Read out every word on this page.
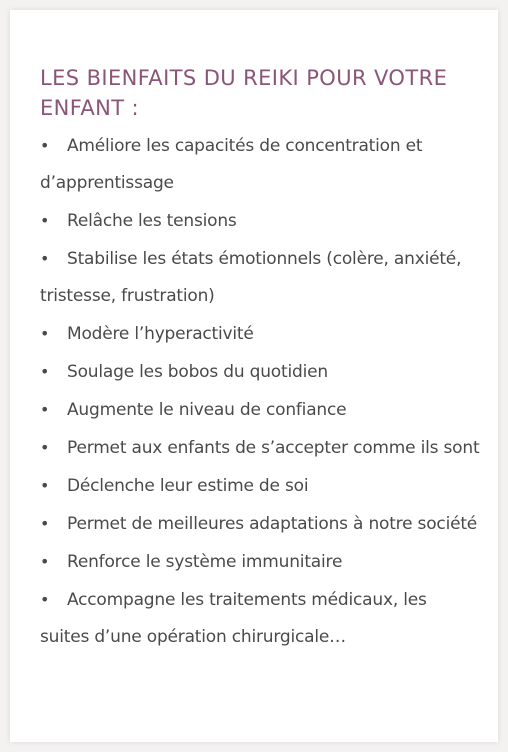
LES BIENFAITS DU REIKI POUR VOTRE ENFANT :
• Améliore les capacités de concentration et d’apprentissage
• Relâche les tensions
• Stabilise les états émotionnels (colère, anxiété, tristesse, frustration)
• Modère l’hyperactivité
• Soulage les bobos du quotidien
• Augmente le niveau de confiance
• Permet aux enfants de s’accepter comme ils sont
• Déclenche leur estime de soi
• Permet de meilleures adaptations à notre société
• Renforce le système immunitaire
• Accompagne les traitements médicaux, les suites d’une opération chirurgicale…
